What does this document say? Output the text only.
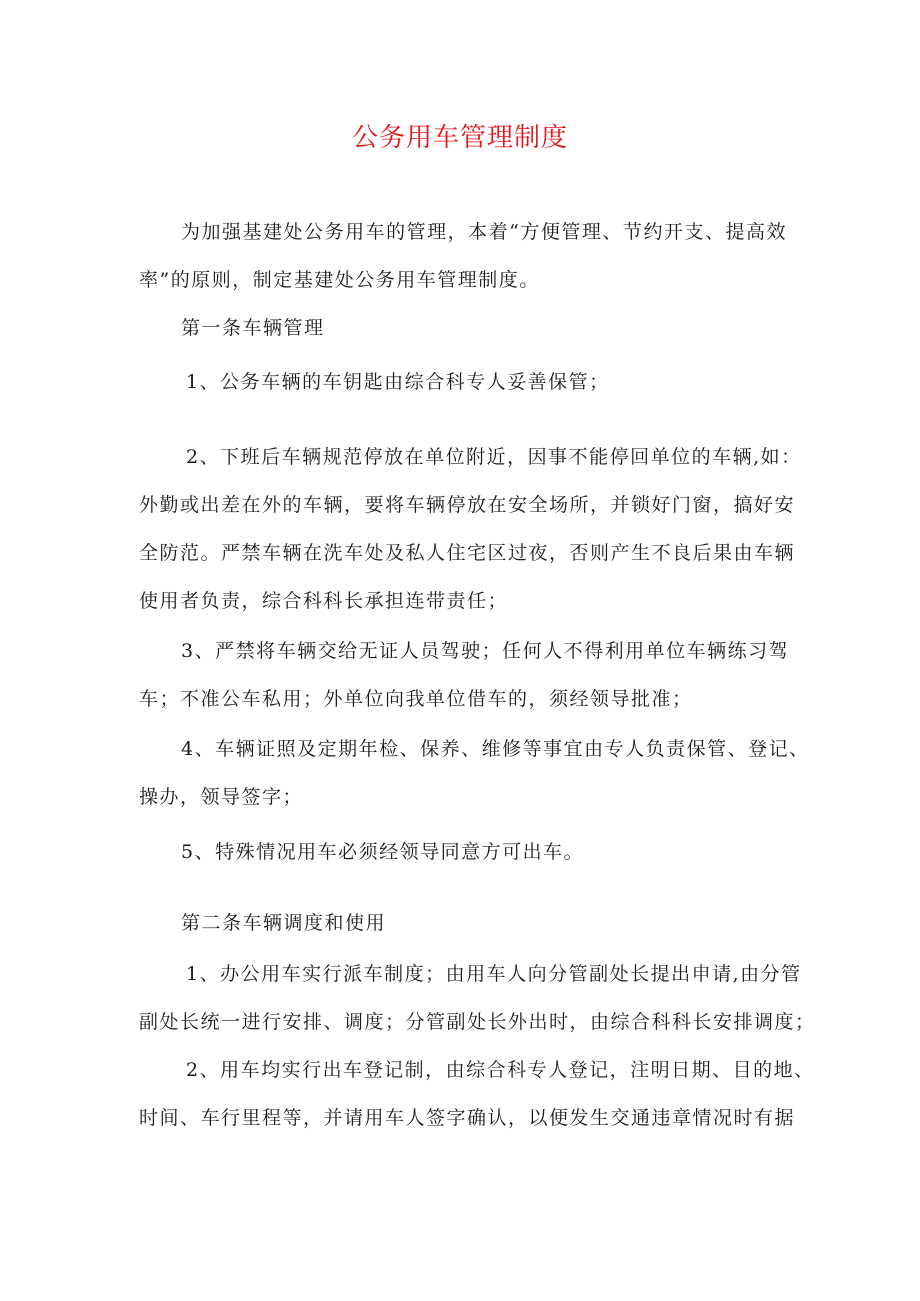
公务用车管理制度
为加强基建处公务用车的管理，本着“方便管理、节约开支、提高效
率”的原则，制定基建处公务用车管理制度。
第一条车辆管理
1、公务车辆的车钥匙由综合科专人妥善保管；
2、下班后车辆规范停放在单位附近，因事不能停回单位的车辆,如：
外勤或出差在外的车辆，要将车辆停放在安全场所，并锁好门窗，搞好安
全防范。严禁车辆在洗车处及私人住宅区过夜，否则产生不良后果由车辆
使用者负责，综合科科长承担连带责任；
3、严禁将车辆交给无证人员驾驶；任何人不得利用单位车辆练习驾
车；不准公车私用；外单位向我单位借车的，须经领导批准；
4、车辆证照及定期年检、保养、维修等事宜由专人负责保管、登记、
操办，领导签字；
5、特殊情况用车必须经领导同意方可出车。
第二条车辆调度和使用
1、办公用车实行派车制度；由用车人向分管副处长提出申请,由分管
副处长统一进行安排、调度；分管副处长外出时，由综合科科长安排调度；
2、用车均实行出车登记制，由综合科专人登记，注明日期、目的地、
时间、车行里程等，并请用车人签字确认，以便发生交通违章情况时有据
